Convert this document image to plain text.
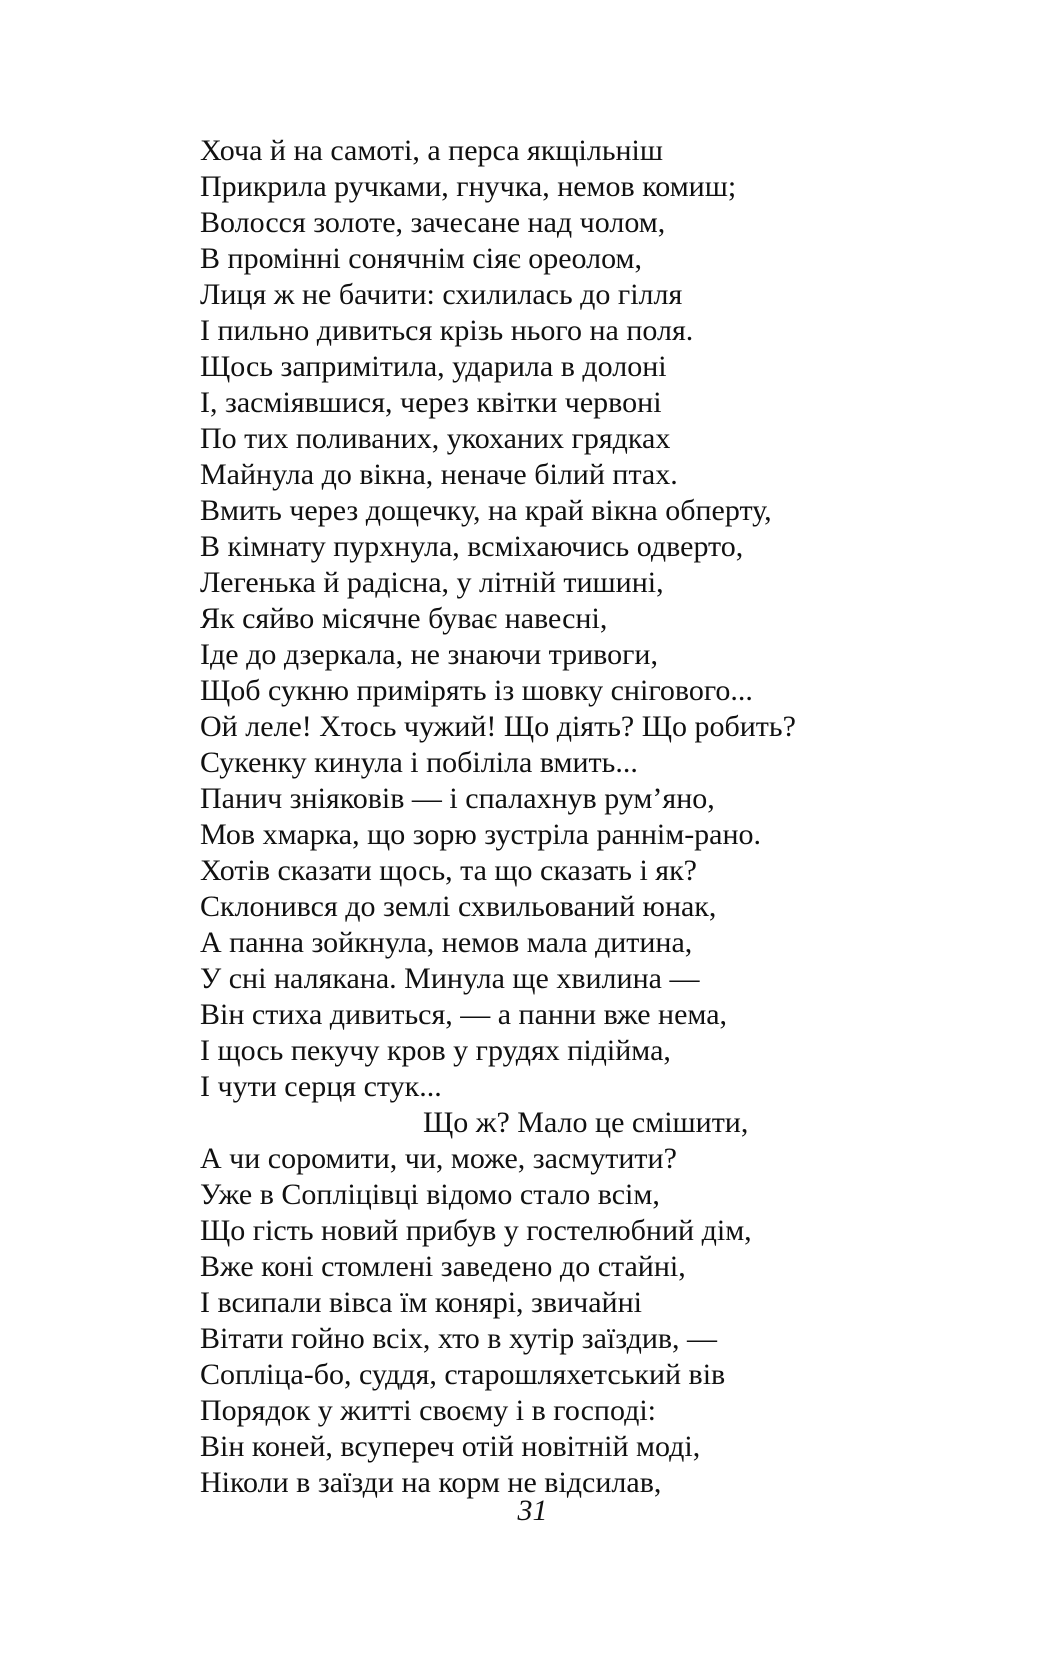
Хоча й на самоті, а перса якщільніш
Прикрила ручками, гнучка, немов комиш;
Волосся золоте, зачесане над чолом,
В промінні сонячнім сіяє ореолом,
Лиця ж не бачити: схилилась до гілля
І пильно дивиться крізь нього на поля.
Щось запримітила, ударила в долоні
І, засміявшися, через квітки червоні
По тих поливаних, укоханих грядках
Майнула до вікна, неначе білий птах.
Вмить через дощечку, на край вікна обперту,
В кімнату пурхнула, всміхаючись одверто,
Легенька й радісна, у літній тишині,
Як сяйво місячне буває навесні,
Іде до дзеркала, не знаючи тривоги,
Щоб сукню примірять із шовку снігового...
Ой леле! Хтось чужий! Що діять? Що робить?
Сукенку кинула і побіліла вмить...
Панич зніяковів — і спалахнув рум’яно,
Мов хмарка, що зорю зустріла раннім-рано.
Хотів сказати щось, та що сказать і як?
Склонився до землі схвильований юнак,
А панна зойкнула, немов мала дитина,
У сні налякана. Минула ще хвилина —
Він стиха дивиться, — а панни вже нема,
І щось пекучу кров у грудях підійма,
І чути серця стук...
Що ж? Мало це смішити,
А чи соромити, чи, може, засмутити?
Уже в Сопліцівці відомо стало всім,
Що гість новий прибув у гостелюбний дім,
Вже коні стомлені заведено до стайні,
І всипали вівса їм конярі, звичайні
Вітати гойно всіх, хто в хутір заїздив, —
Сопліца-бо, суддя, старошляхетський вів
Порядок у житті своєму і в господі:
Він коней, всупереч отій новітній моді,
Ніколи в заїзди на корм не відсилав,
31
